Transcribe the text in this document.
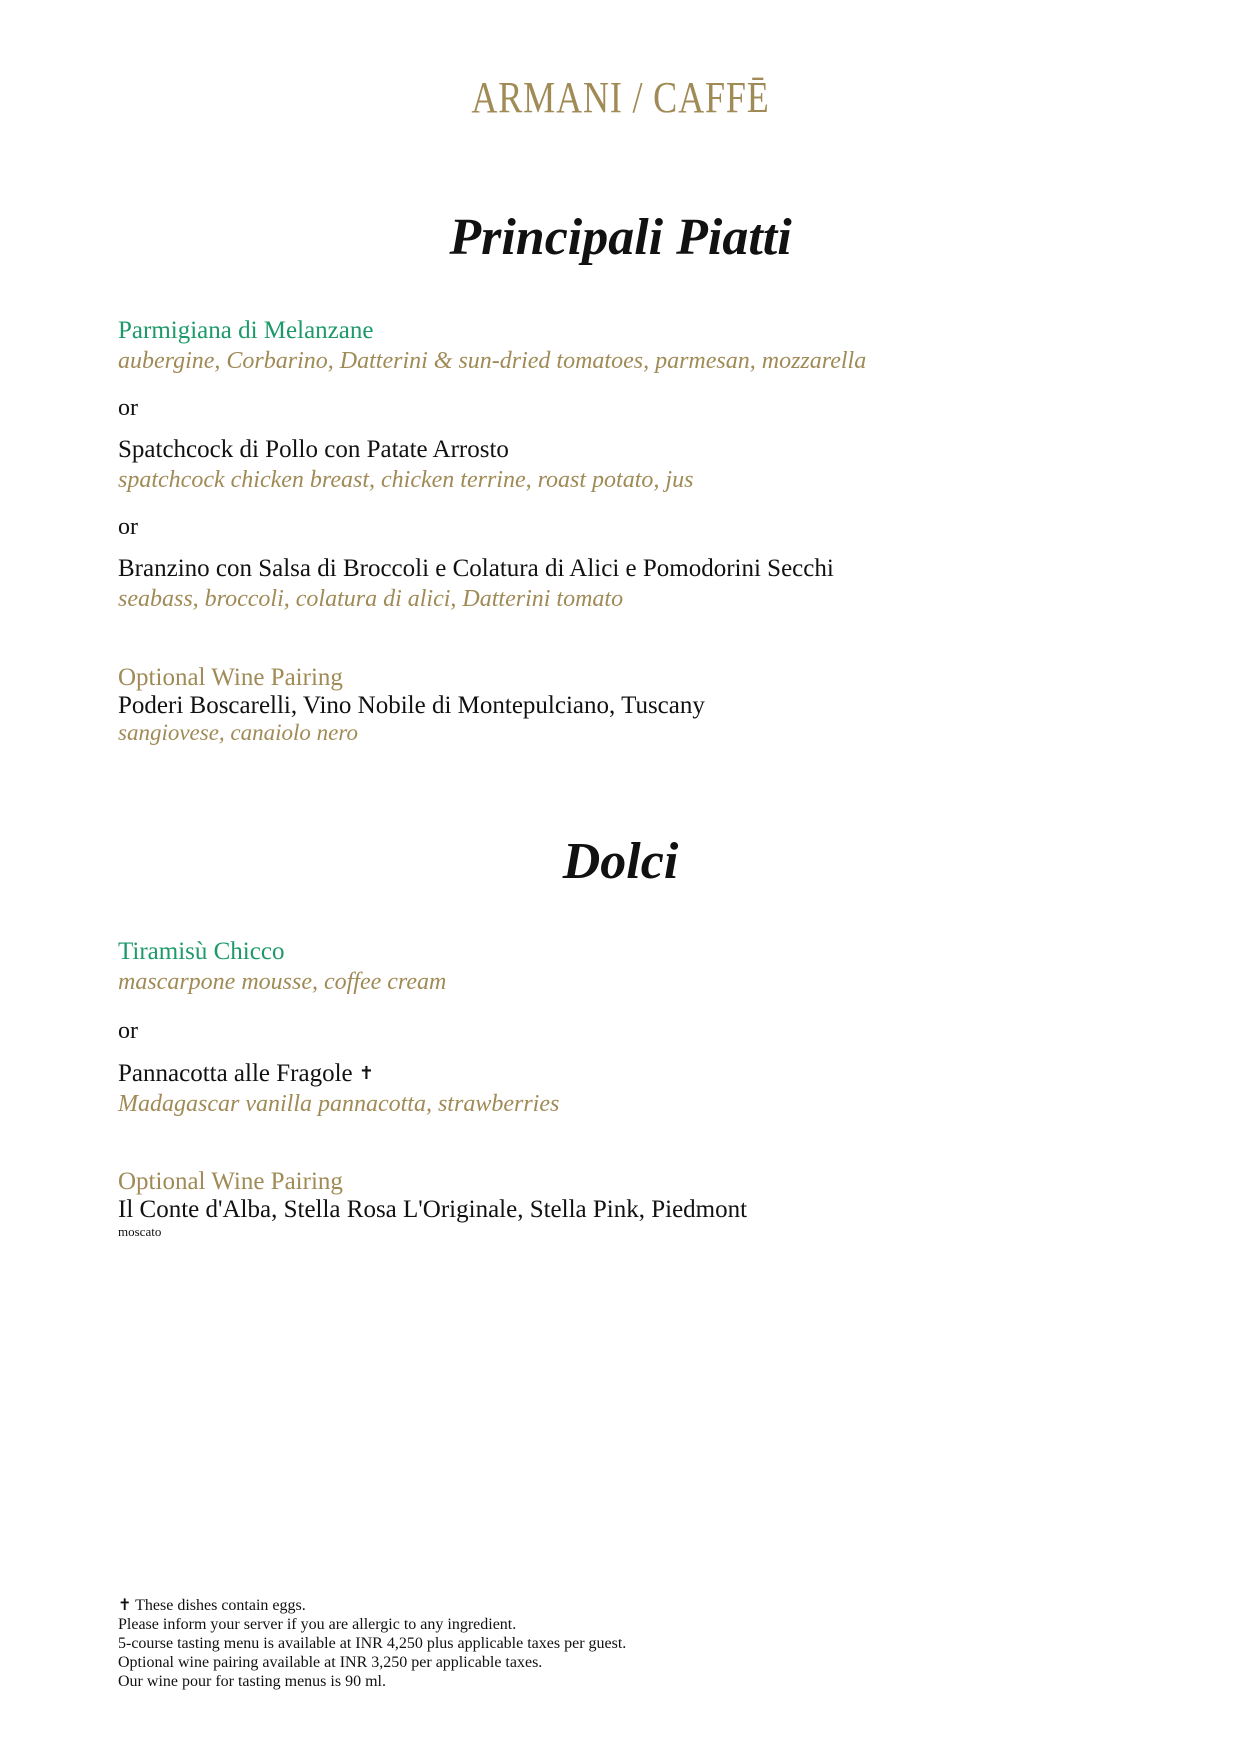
ARMANI / CAFFĒ
Principali Piatti
Parmigiana di Melanzane
aubergine, Corbarino, Datterini & sun-dried tomatoes, parmesan, mozzarella
or
Spatchcock di Pollo con Patate Arrosto
spatchcock chicken breast, chicken terrine, roast potato, jus
or
Branzino con Salsa di Broccoli e Colatura di Alici e Pomodorini Secchi
seabass, broccoli, colatura di alici, Datterini tomato
Optional Wine Pairing
Poderi Boscarelli, Vino Nobile di Montepulciano, Tuscany
sangiovese, canaiolo nero
Dolci
Tiramisù Chicco
mascarpone mousse, coffee cream
or
Pannacotta alle Fragole ✝
Madagascar vanilla pannacotta, strawberries
Optional Wine Pairing
Il Conte d'Alba, Stella Rosa L'Originale, Stella Pink, Piedmont
moscato
✝ These dishes contain eggs.
Please inform your server if you are allergic to any ingredient.
5-course tasting menu is available at INR 4,250 plus applicable taxes per guest.
Optional wine pairing available at INR 3,250 per applicable taxes.
Our wine pour for tasting menus is 90 ml.
